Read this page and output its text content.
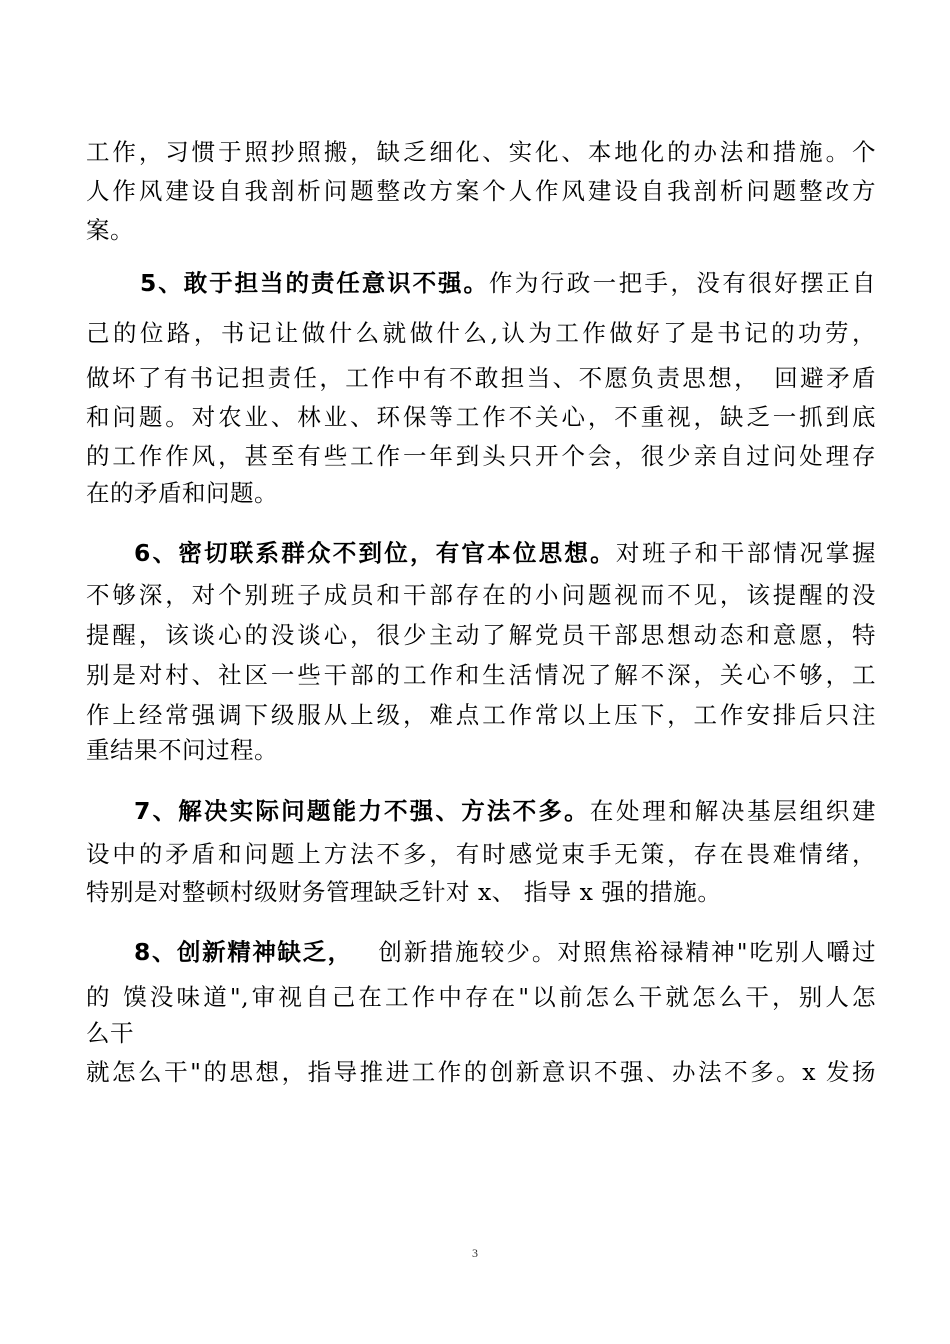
工作，习惯于照抄照搬，缺乏细化、实化、本地化的办法和措施。个
人作风建设自我剖析问题整改方案个人作风建设自我剖析问题整改方
案。
5、敢于担当的责任意识不强。作为行政一把手，没有很好摆正自
己的位路，书记让做什么就做什么,认为工作做好了是书记的功劳，
做坏了有书记担责任，工作中有不敢担当、不愿负责思想，　回避矛盾
和问题。对农业、林业、环保等工作不关心，不重视，缺乏一抓到底
的工作作风，甚至有些工作一年到头只开个会，很少亲自过问处理存
在的矛盾和问题。
6、密切联系群众不到位，有官本位思想。对班子和干部情况掌握
不够深，对个别班子成员和干部存在的小问题视而不见，该提醒的没
提醒，该谈心的没谈心，很少主动了解党员干部思想动态和意愿，特
别是对村、社区一些干部的工作和生活情况了解不深，关心不够，工
作上经常强调下级服从上级，难点工作常以上压下，工作安排后只注
重结果不问过程。
7、解决实际问题能力不强、方法不多。在处理和解决基层组织建
设中的矛盾和问题上方法不多，有时感觉束手无策，存在畏难情绪，
特别是对整顿村级财务管理缺乏针对 x、 指导 x 强的措施。
8、创新精神缺乏， 创新措施较少。对照焦裕禄精神"吃别人嚼过
的 馍没味道",审视自己在工作中存在"以前怎么干就怎么干，别人怎
么干
就怎么干"的思想，指导推进工作的创新意识不强、办法不多。x 发扬
3
